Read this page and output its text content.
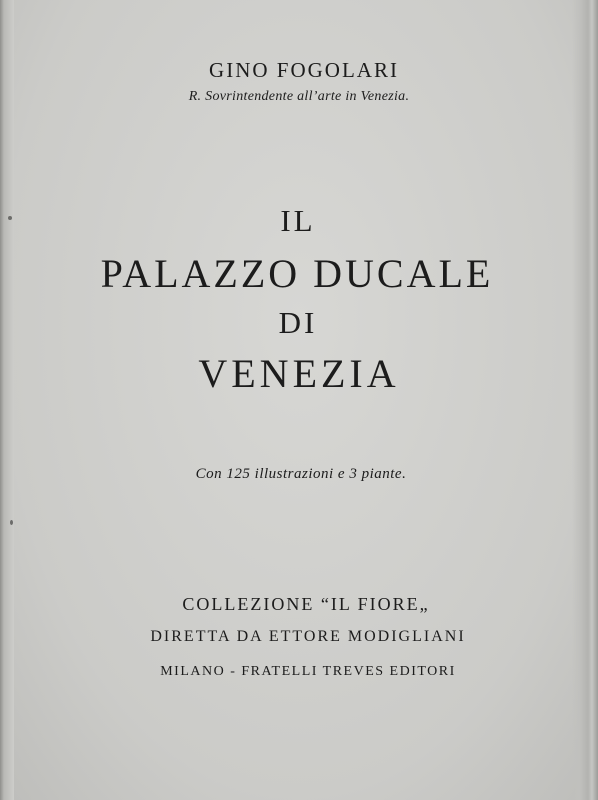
GINO FOGOLARI
R. Sovrintendente all’arte in Venezia.
IL
PALAZZO DUCALE
DI
VENEZIA
Con 125 illustrazioni e 3 piante.
COLLEZIONE “IL FIORE„
DIRETTA DA ETTORE MODIGLIANI
MILANO - FRATELLI TREVES EDITORI
